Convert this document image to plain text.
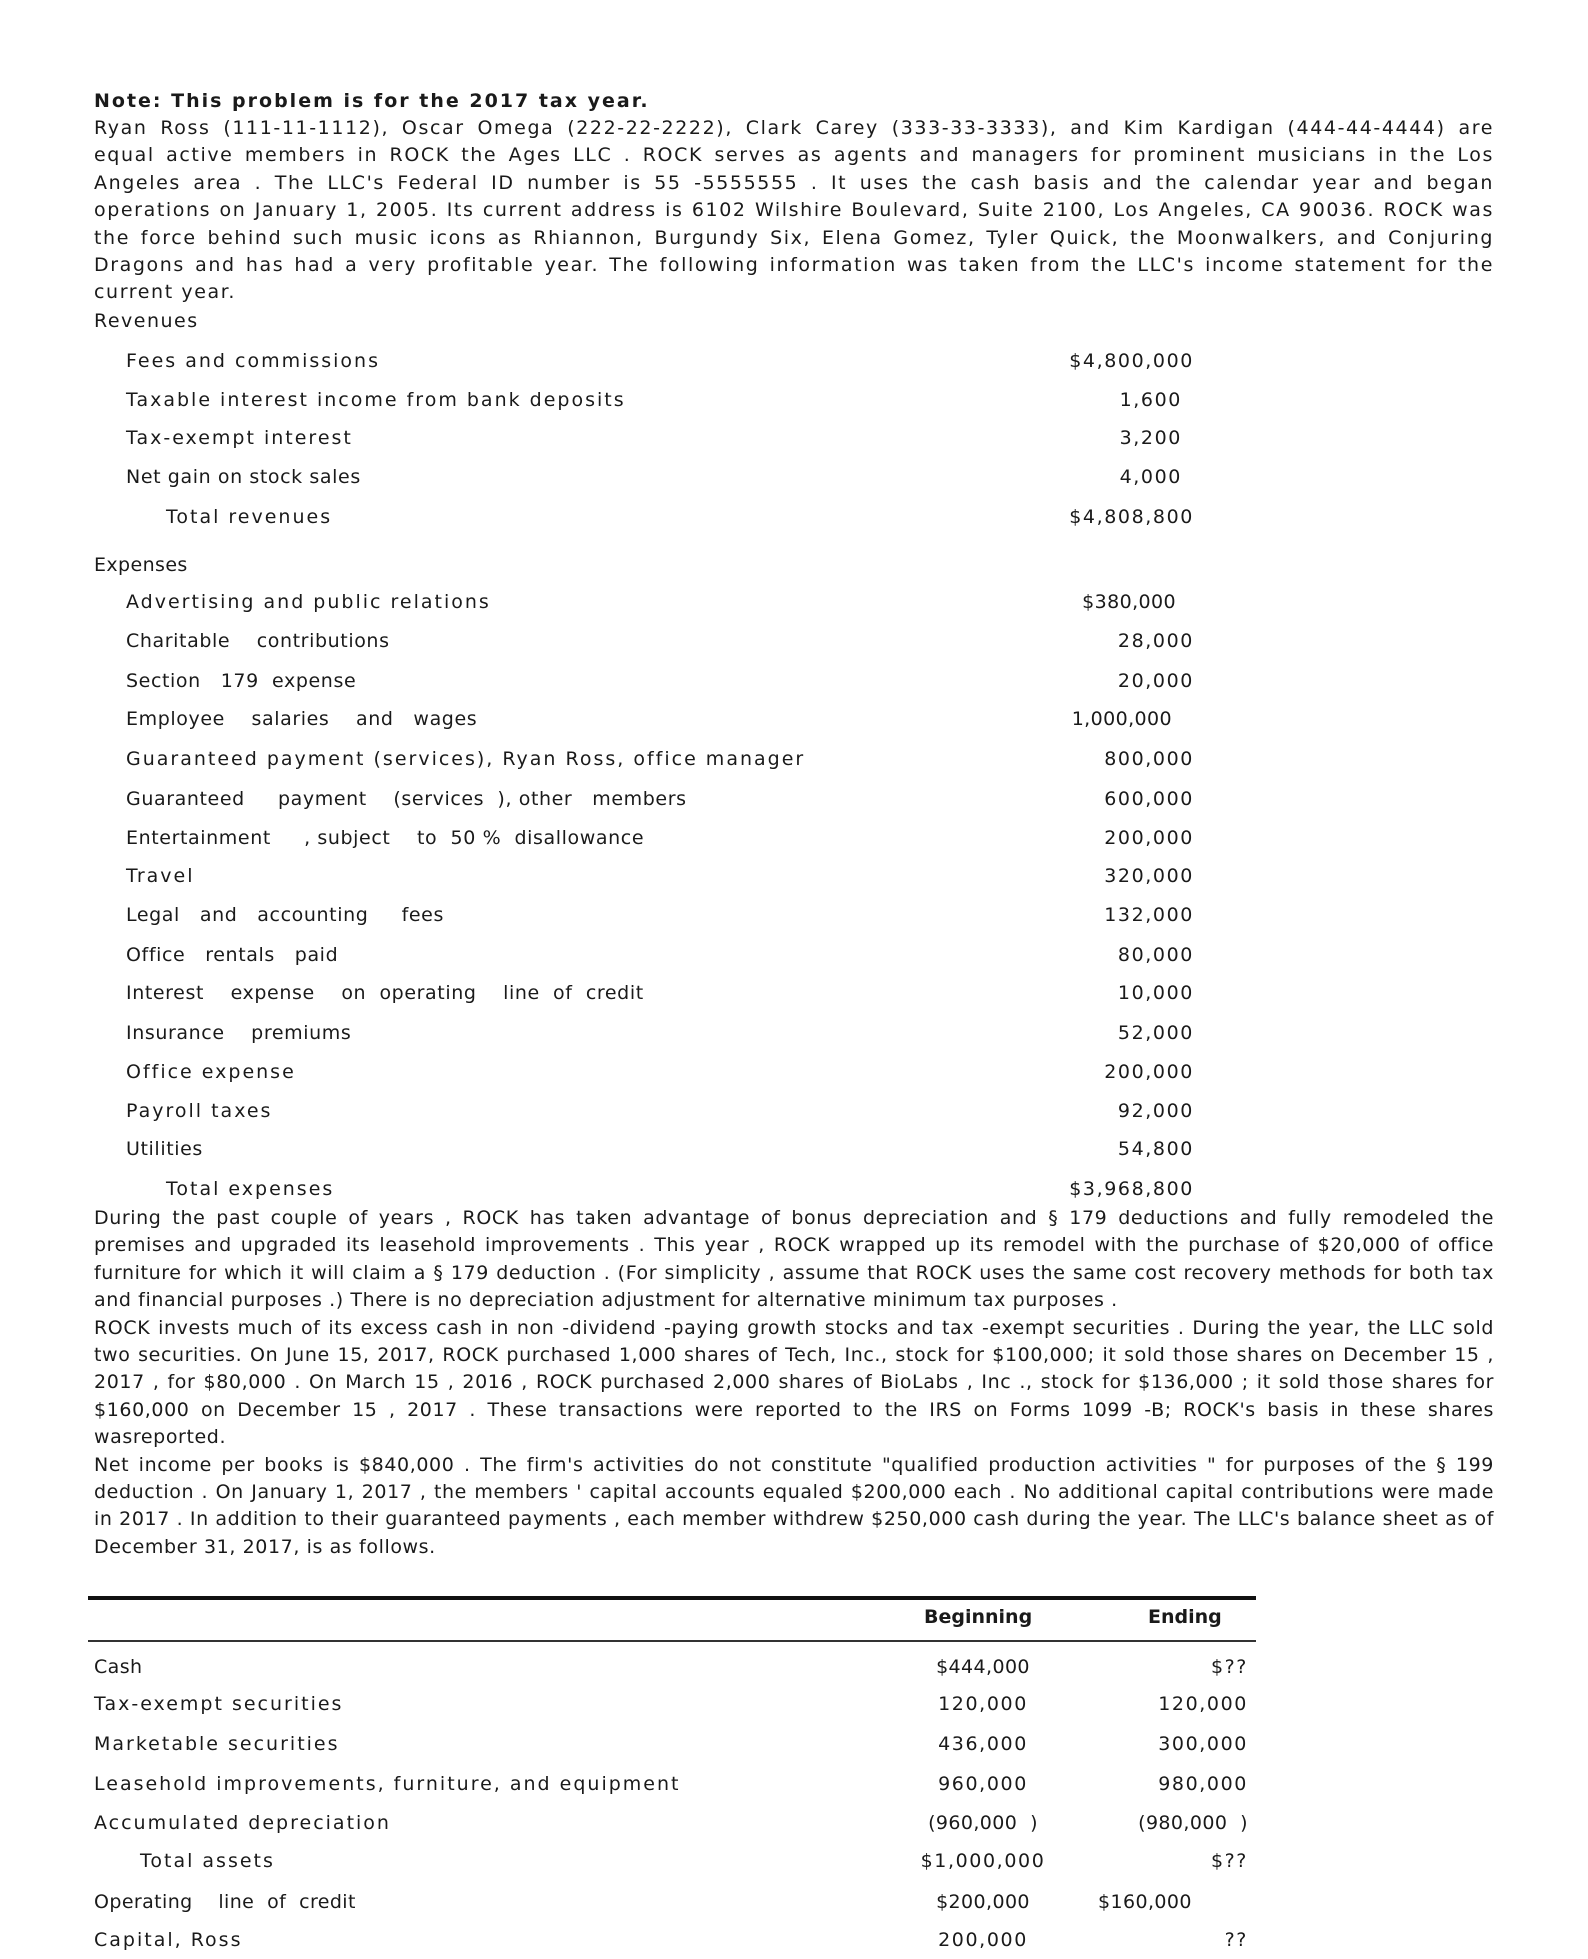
Note: This problem is for the 2017 tax year.

Ryan Ross (111-11-1112), Oscar Omega (222-22-2222), Clark Carey (333-33-3333), and Kim Kardigan (444-44-4444) are equal active members in ROCK the Ages LLC . ROCK serves as agents and managers for prominent musicians in the Los Angeles area . The LLC's Federal ID number is 55 -5555555 . It uses the cash basis and the calendar year and began operations on January 1, 2005. Its current address is 6102 Wilshire Boulevard, Suite 2100, Los Angeles, CA 90036. ROCK was the force behind such music icons as Rhiannon, Burgundy Six, Elena Gomez, Tyler Quick, the Moonwalkers, and Conjuring Dragons and has had a very profitable year. The following information was taken from the LLC's income statement for the current year.

Revenues
Fees and commissions	$4,800,000
Taxable interest income from bank deposits	1,600
Tax-exempt interest	3,200
Net gain on stock sales	4,000
Total revenues	$4,808,800
Expenses
Advertising and public relations	$380,000
Charitable    contributions	28,000
Section   179  expense	20,000
Employee    salaries    and   wages	1,000,000
Guaranteed payment (services), Ryan Ross, office manager	800,000
Guaranteed     payment    (services  ), other   members	600,000
Entertainment     , subject    to  50 %  disallowance	200,000
Travel	320,000
Legal   and   accounting     fees	132,000
Office   rentals   paid	80,000
Interest    expense    on  operating    line  of  credit	10,000
Insurance    premiums	52,000
Office expense	200,000
Payroll taxes	92,000
Utilities	54,800
Total expenses	$3,968,800

During the past couple of years , ROCK has taken advantage of bonus depreciation and § 179 deductions and fully remodeled the premises and upgraded its leasehold improvements . This year , ROCK wrapped up its remodel with the purchase of $20,000 of office furniture for which it will claim a § 179 deduction . (For simplicity , assume that ROCK uses the same cost recovery methods for both tax and financial purposes .) There is no depreciation adjustment for alternative minimum tax purposes .

ROCK invests much of its excess cash in non -dividend -paying growth stocks and tax -exempt securities . During the year, the LLC sold two securities. On June 15, 2017, ROCK purchased 1,000 shares of Tech, Inc., stock for $100,000; it sold those shares on December 15 , 2017 , for $80,000 . On March 15 , 2016 , ROCK purchased 2,000 shares of BioLabs , Inc ., stock for $136,000 ; it sold those shares for $160,000 on December 15 , 2017 . These transactions were reported to the IRS on Forms 1099 -B; ROCK's basis in these shares wasreported.

Net income per books is $840,000 . The firm's activities do not constitute "qualified production activities " for purposes of the § 199 deduction . On January 1, 2017 , the members ' capital accounts equaled $200,000 each . No additional capital contributions were made in 2017 . In addition to their guaranteed payments , each member withdrew $250,000 cash during the year. The LLC's balance sheet as of December 31, 2017, is as follows.

Beginning	Ending
Cash	$444,000	$??
Tax-exempt securities	120,000	120,000
Marketable securities	436,000	300,000
Leasehold improvements, furniture, and equipment	960,000	980,000
Accumulated depreciation	(960,000  )	(980,000  )
Total assets	$1,000,000	$??
Operating    line  of  credit	$200,000	$160,000
Capital, Ross	200,000	??
